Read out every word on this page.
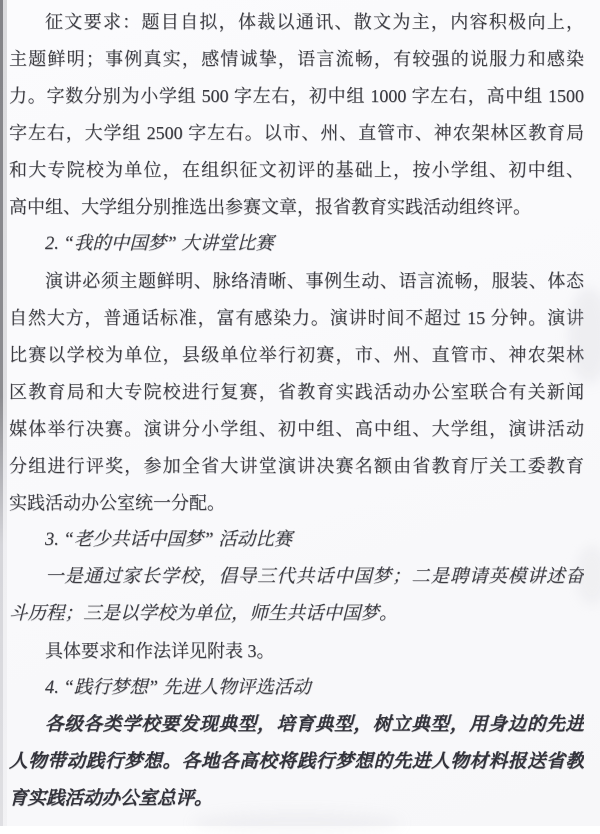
征文要求：题目自拟，体裁以通讯、散文为主，内容积极向上，
主题鲜明；事例真实，感情诚挚，语言流畅，有较强的说服力和感染
力。字数分别为小学组 500 字左右，初中组 1000 字左右，高中组 1500
字左右，大学组 2500 字左右。以市、州、直管市、神农架林区教育局
和大专院校为单位，在组织征文初评的基础上，按小学组、初中组、
高中组、大学组分别推选出参赛文章，报省教育实践活动组终评。
2. “我的中国梦” 大讲堂比赛
演讲必须主题鲜明、脉络清晰、事例生动、语言流畅，服装、体态
自然大方，普通话标准，富有感染力。演讲时间不超过 15 分钟。演讲
比赛以学校为单位，县级单位举行初赛，市、州、直管市、神农架林
区教育局和大专院校进行复赛，省教育实践活动办公室联合有关新闻
媒体举行决赛。演讲分小学组、初中组、高中组、大学组，演讲活动
分组进行评奖，参加全省大讲堂演讲决赛名额由省教育厅关工委教育
实践活动办公室统一分配。
3. “老少共话中国梦” 活动比赛
一是通过家长学校，倡导三代共话中国梦；二是聘请英模讲述奋
斗历程；三是以学校为单位，师生共话中国梦。
具体要求和作法详见附表 3。
4. “践行梦想” 先进人物评选活动
各级各类学校要发现典型，培育典型，树立典型，用身边的先进
人物带动践行梦想。各地各高校将践行梦想的先进人物材料报送省教
育实践活动办公室总评。
